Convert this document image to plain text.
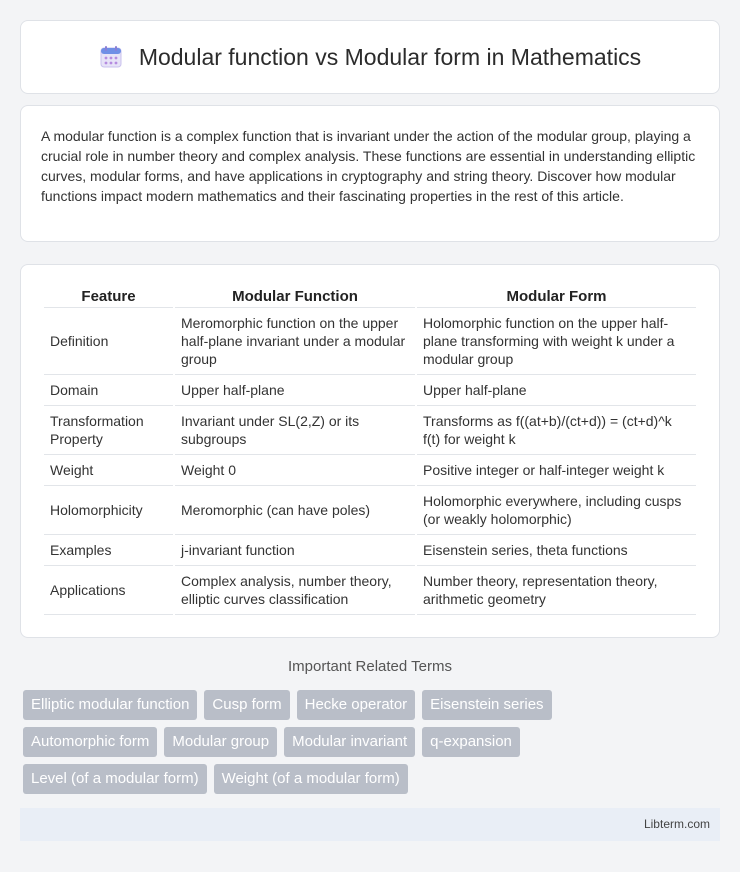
Modular function vs Modular form in Mathematics

A modular function is a complex function that is invariant under the action of the modular group, playing a crucial role in number theory and complex analysis. These functions are essential in understanding elliptic curves, modular forms, and have applications in cryptography and string theory. Discover how modular functions impact modern mathematics and their fascinating properties in the rest of this article.

Feature	Modular Function	Modular Form
Definition	Meromorphic function on the upper half-plane invariant under a modular group	Holomorphic function on the upper half-plane transforming with weight k under a modular group
Domain	Upper half-plane	Upper half-plane
Transformation Property	Invariant under SL(2,Z) or its subgroups	Transforms as f((at+b)/(ct+d)) = (ct+d)^k f(t) for weight k
Weight	Weight 0	Positive integer or half-integer weight k
Holomorphicity	Meromorphic (can have poles)	Holomorphic everywhere, including cusps (or weakly holomorphic)
Examples	j-invariant function	Eisenstein series, theta functions
Applications	Complex analysis, number theory, elliptic curves classification	Number theory, representation theory, arithmetic geometry
Important Related Terms
Elliptic modular function	Cusp form	Hecke operator	Eisenstein series
Automorphic form	Modular group	Modular invariant	q-expansion
Level (of a modular form)	Weight (of a modular form)
Libterm.com
